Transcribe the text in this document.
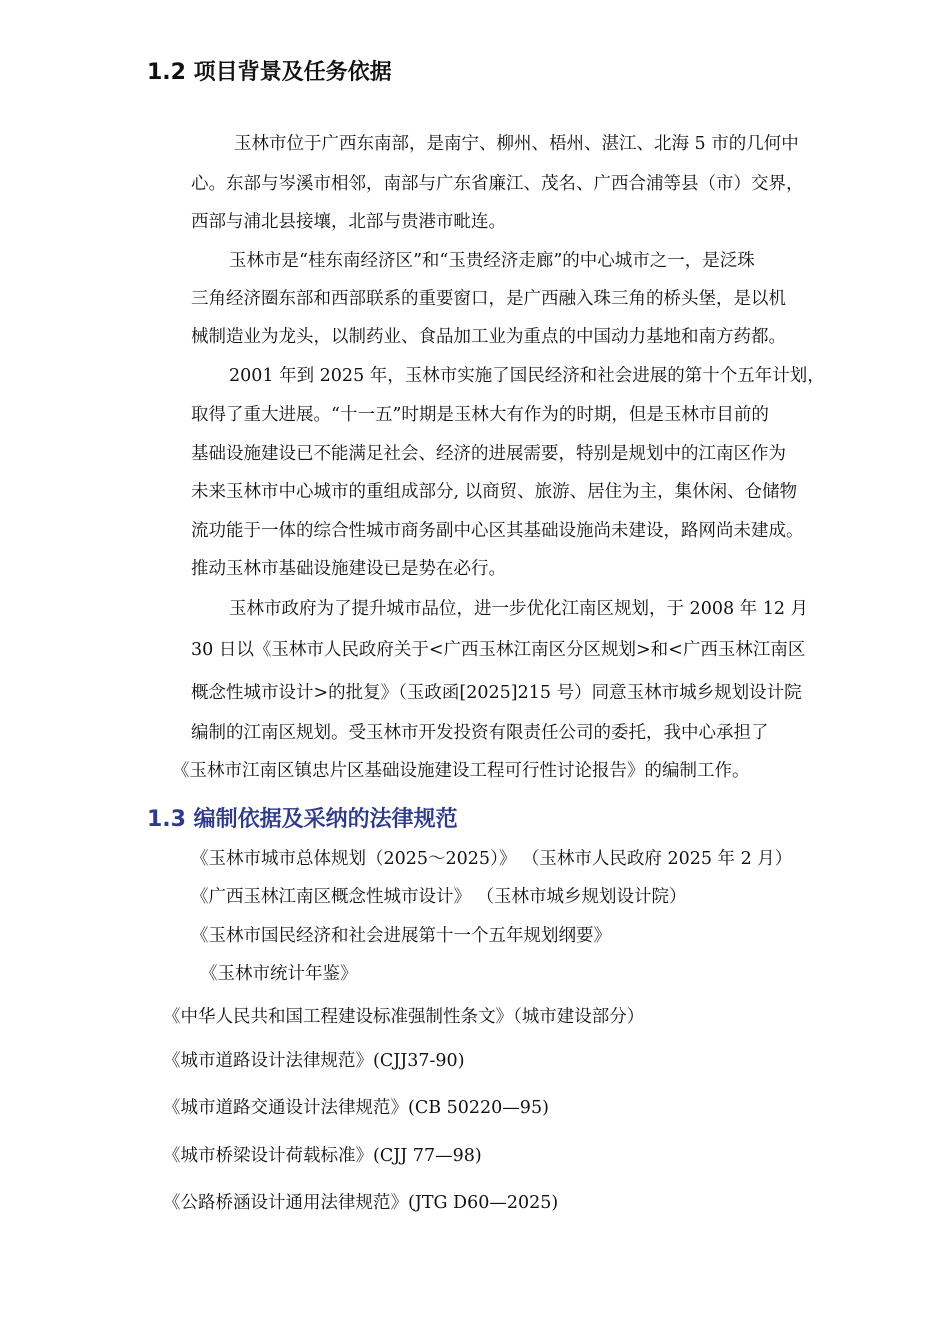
1.2 项目背景及任务依据
玉林市位于广西东南部，是南宁、柳州、梧州、湛江、北海 5 市的几何中
心。东部与岑溪市相邻，南部与广东省廉江、茂名、广西合浦等县（市）交界，
西部与浦北县接壤，北部与贵港市毗连。
玉林市是“桂东南经济区”和“玉贵经济走廊”的中心城市之一，是泛珠
三角经济圈东部和西部联系的重要窗口，是广西融入珠三角的桥头堡，是以机
械制造业为龙头，以制药业、食品加工业为重点的中国动力基地和南方药都。
2001 年到 2025 年，玉林市实施了国民经济和社会进展的第十个五年计划，
取得了重大进展。“十一五”时期是玉林大有作为的时期，但是玉林市目前的
基础设施建设已不能满足社会、经济的进展需要，特别是规划中的江南区作为
未来玉林市中心城市的重组成部分, 以商贸、旅游、居住为主，集休闲、仓储物
流功能于一体的综合性城市商务副中心区其基础设施尚未建设，路网尚未建成。
推动玉林市基础设施建设已是势在必行。
玉林市政府为了提升城市品位，进一步优化江南区规划，于 2008 年 12 月
30 日以《玉林市人民政府关于<广西玉林江南区分区规划>和<广西玉林江南区
概念性城市设计>的批复》（玉政函[2025]215 号）同意玉林市城乡规划设计院
编制的江南区规划。受玉林市开发投资有限责任公司的委托，我中心承担了
《玉林市江南区镇忠片区基础设施建设工程可行性讨论报告》的编制工作。
1.3 编制依据及采纳的法律规范
《玉林市城市总体规划（2025～2025）》 （玉林市人民政府 2025 年 2 月）
《广西玉林江南区概念性城市设计》 （玉林市城乡规划设计院）
《玉林市国民经济和社会进展第十一个五年规划纲要》
《玉林市统计年鉴》
《中华人民共和国工程建设标准强制性条文》（城市建设部分）
《城市道路设计法律规范》(CJJ37-90)
《城市道路交通设计法律规范》(CB 50220—95)
《城市桥梁设计荷载标准》(CJJ 77—98)
《公路桥涵设计通用法律规范》(JTG D60—2025)
